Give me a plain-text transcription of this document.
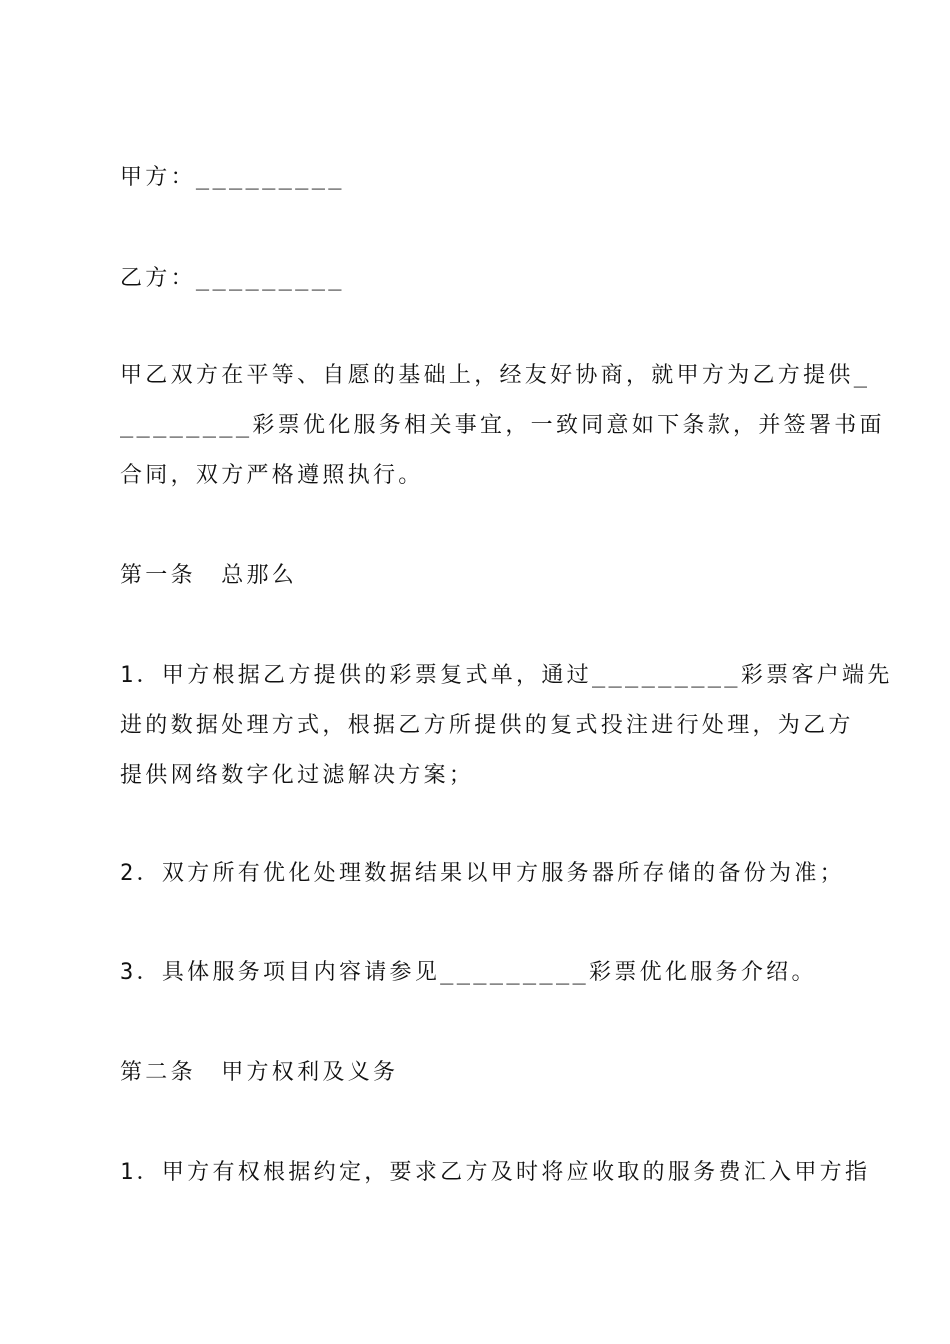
甲方：_________
乙方：_________
甲乙双方在平等、自愿的基础上，经友好协商，就甲方为乙方提供_
________彩票优化服务相关事宜，一致同意如下条款，并签署书面
合同，双方严格遵照执行。
第一条　总那么
1．甲方根据乙方提供的彩票复式单，通过_________彩票客户端先
进的数据处理方式，根据乙方所提供的复式投注进行处理，为乙方
提供网络数字化过滤解决方案；
2．双方所有优化处理数据结果以甲方服务器所存储的备份为准；
3．具体服务项目内容请参见_________彩票优化服务介绍。
第二条　甲方权利及义务
1．甲方有权根据约定，要求乙方及时将应收取的服务费汇入甲方指
